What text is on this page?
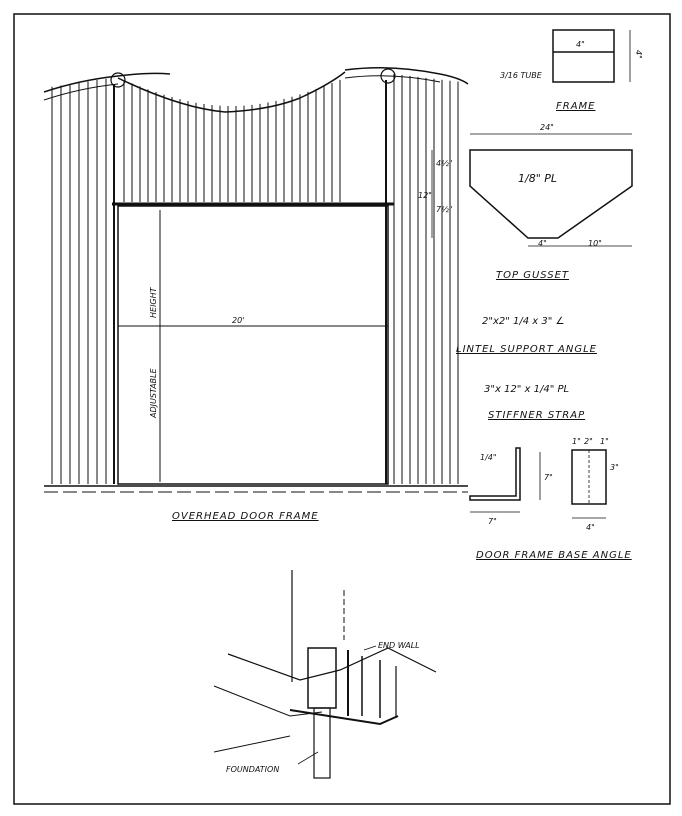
20'
HEIGHT
ADJUSTABLE
OVERHEAD DOOR FRAME
4"
4"
3/16 TUBE
FRAME
24"
1/8" PL
12"
4½"
7½"
4"	10"
TOP GUSSET
2"x2" 1/4 x 3" ∠
LINTEL SUPPORT ANGLE
3"x 12" x 1/4" PL
STIFFNER STRAP
1/4"
7"
7"
1" 2" 1"
3"
4"
DOOR FRAME BASE ANGLE
END WALL
FOUNDATION
